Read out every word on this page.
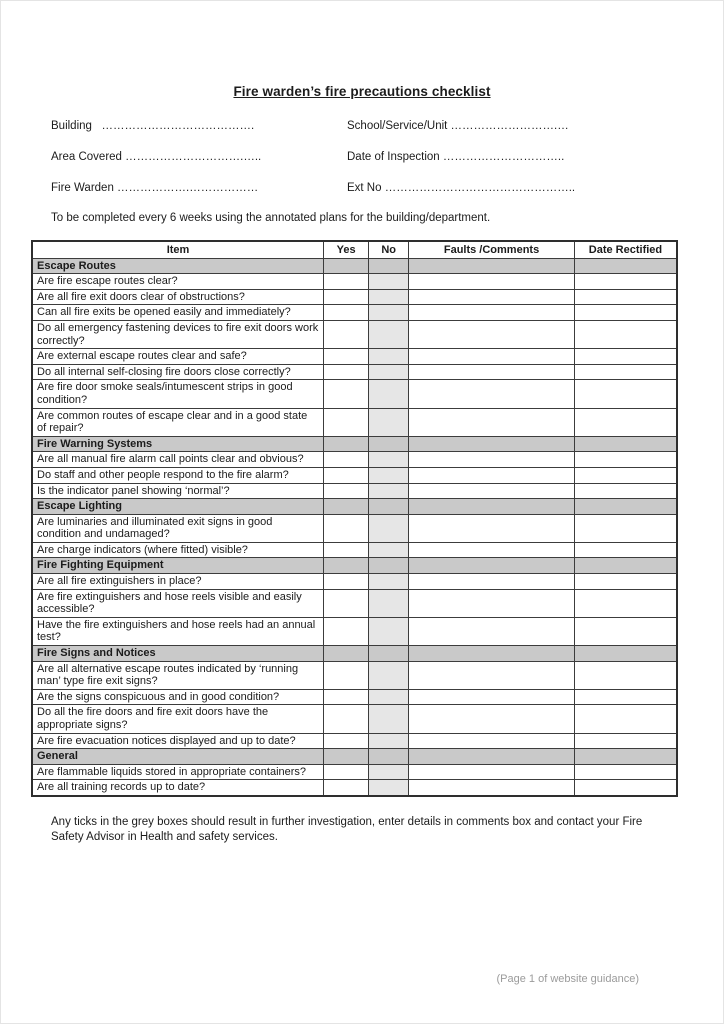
Fire warden’s fire precautions checklist
Building   ………………………………….	School/Service/Unit ……………………….…
Area Covered ………………………….…..	Date of Inspection …………………………..
Fire Warden ……………….………………	Ext No …………………………………………..

To be completed every 6 weeks using the annotated plans for the building/department.

Item	Yes	No	Faults /Comments	Date Rectified
Escape Routes				
Are fire escape routes clear?				
Are all fire exit doors clear of obstructions?				
Can all fire exits be opened easily and immediately?				
Do all emergency fastening devices to fire exit doors work correctly?				
Are external escape routes clear and safe?				
Do all internal self-closing fire doors close correctly?				
Are fire door smoke seals/intumescent strips in good condition?				
Are common routes of escape clear and in a good state of repair?				
Fire Warning Systems				
Are all manual fire alarm call points clear and obvious?				
Do staff and other people respond to the fire alarm?				
Is the indicator panel showing ‘normal’?				
Escape Lighting				
Are luminaries and illuminated exit signs in good condition and undamaged?				
Are charge indicators (where fitted) visible?				
Fire Fighting Equipment				
Are all fire extinguishers in place?				
Are fire extinguishers and hose reels visible and easily accessible?				
Have the fire extinguishers and hose reels had an annual test?				
Fire Signs and Notices				
Are all alternative escape routes indicated by ‘running man’ type fire exit signs?				
Are the signs conspicuous and in good condition?				
Do all the fire doors and fire exit doors have the appropriate signs?				
Are fire evacuation notices displayed and up to date?				
General				
Are flammable liquids stored in appropriate containers?				
Are all training records up to date?				

Any ticks in the grey boxes should result in further investigation, enter details in comments box and contact your Fire Safety Advisor in Health and safety services.

(Page 1 of website guidance)
